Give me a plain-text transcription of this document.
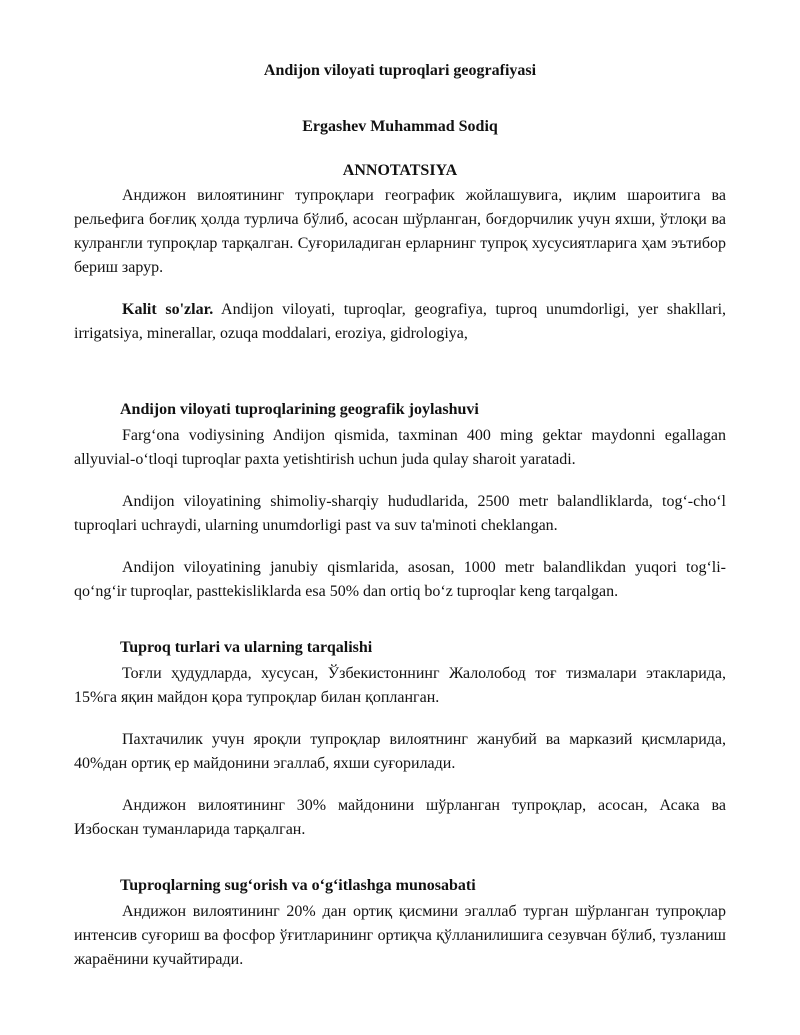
Andijon viloyati tuproqlari geografiyasi
Ergashev Muhammad Sodiq
ANNOTATSIYA

Андижон вилоятининг тупроқлари географик жойлашувига, иқлим шароитига ва рельефига боғлиқ ҳолда турлича бўлиб, асосан шўрланган, боғдорчилик учун яхши, ўтлоқи ва кулрангли тупроқлар тарқалган. Суғориладиган ерларнинг тупроқ хусусиятларига ҳам эътибор бериш зарур.

Kalit so'zlar. Andijon viloyati, tuproqlar, geografiya, tuproq unumdorligi, yer shakllari, irrigatsiya, minerallar, ozuqa moddalari, eroziya, gidrologiya,

Andijon viloyati tuproqlarining geografik joylashuvi

Farg‘ona vodiysining Andijon qismida, taxminan 400 ming gektar maydonni egallagan allyuvial-o‘tloqi tuproqlar paxta yetishtirish uchun juda qulay sharoit yaratadi.

Andijon viloyatining shimoliy-sharqiy hududlarida, 2500 metr balandliklarda, tog‘-cho‘l tuproqlari uchraydi, ularning unumdorligi past va suv ta'minoti cheklangan.

Andijon viloyatining janubiy qismlarida, asosan, 1000 metr balandlikdan yuqori tog‘li-qo‘ng‘ir tuproqlar, pasttekisliklarda esa 50% dan ortiq bo‘z tuproqlar keng tarqalgan.

Tuproq turlari va ularning tarqalishi

Тоғли ҳудудларда, хусусан, Ўзбекистоннинг Жалолобод тоғ тизмалари этакларида, 15%га яқин майдон қора тупроқлар билан қопланган.

Пахтачилик учун яроқли тупроқлар вилоятнинг жанубий ва марказий қисмларида, 40%дан ортиқ ер майдонини эгаллаб, яхши суғорилади.

Андижон вилоятининг 30% майдонини шўрланган тупроқлар, асосан, Асака ва Избоскан туманларида тарқалган.

Tuproqlarning sug‘orish va o‘g‘itlashga munosabati

Андижон вилоятининг 20% дан ортиқ қисмини эгаллаб турган шўрланган тупроқлар интенсив суғориш ва фосфор ўғитларининг ортиқча қўлланилишига сезувчан бўлиб, тузланиш жараёнини кучайтиради.
